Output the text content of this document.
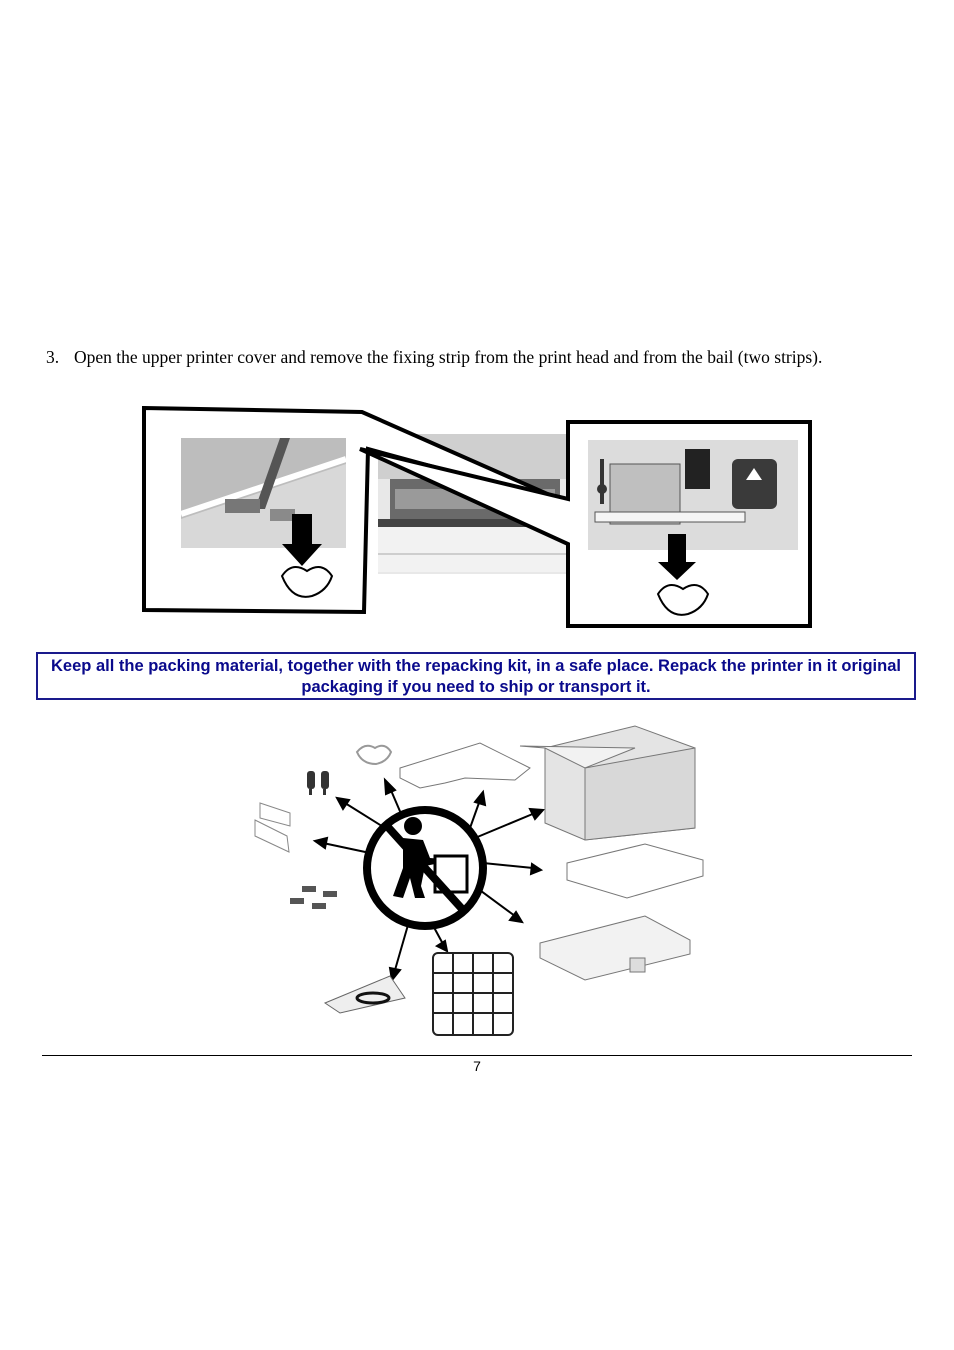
3. Open the upper printer cover and remove the fixing strip from the print head and from the bail (two strips).
Keep all the packing material, together with the repacking kit, in a safe place. Repack the printer in it original packaging if you need to ship or transport it.
7
